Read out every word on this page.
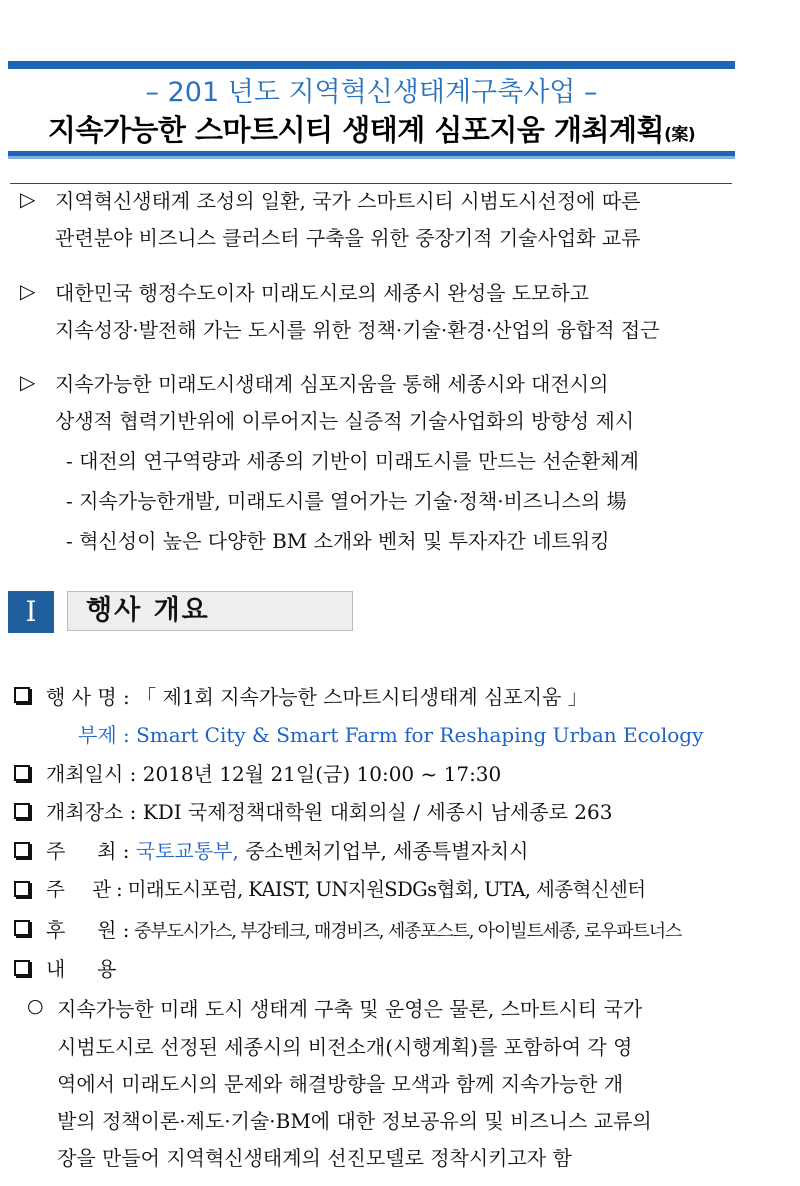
– 201 년도 지역혁신생태계구축사업 –
지속가능한 스마트시티 생태계 심포지움 개최계획(案)
▷ 지역혁신생태계 조성의 일환, 국가 스마트시티 시범도시선정에 따른
관련분야 비즈니스 클러스터 구축을 위한 중장기적 기술사업화 교류
▷ 대한민국 행정수도이자 미래도시로의 세종시 완성을 도모하고
지속성장·발전해 가는 도시를 위한 정책·기술·환경·산업의 융합적 접근
▷ 지속가능한 미래도시생태계 심포지움을 통해 세종시와 대전시의
상생적 협력기반위에 이루어지는 실증적 기술사업화의 방향성 제시
- 대전의 연구역량과 세종의 기반이 미래도시를 만드는 선순환체계
- 지속가능한개발, 미래도시를 열어가는 기술·정책·비즈니스의 場
- 혁신성이 높은 다양한 BM 소개와 벤처 및 투자자간 네트워킹
I	행사 개요
행 사 명 : 「 제1회 지속가능한 스마트시티생태계 심포지움 」
부제 : Smart City & Smart Farm for Reshaping Urban Ecology
개최일시 : 2018년 12월 21일(금) 10:00 ~ 17:30
개최장소 : KDI 국제정책대학원 대회의실 / 세종시 남세종로 263
주     최 : 국토교통부, 중소벤처기업부, 세종특별자치시
주     관 : 미래도시포럼, KAIST, UN지원SDGs협회, UTA, 세종혁신센터
후     원 : 중부도시가스, 부강테크, 매경비즈, 세종포스트, 아이빌트세종, 로우파트너스
내     용
○ 지속가능한 미래 도시 생태계 구축 및 운영은 물론, 스마트시티 국가
시범도시로 선정된 세종시의 비전소개(시행계획)를 포함하여 각 영
역에서 미래도시의 문제와 해결방향을 모색과 함께 지속가능한 개
발의 정책이론·제도·기술·BM에 대한 정보공유의 및 비즈니스 교류의
장을 만들어 지역혁신생태계의 선진모델로 정착시키고자 함
